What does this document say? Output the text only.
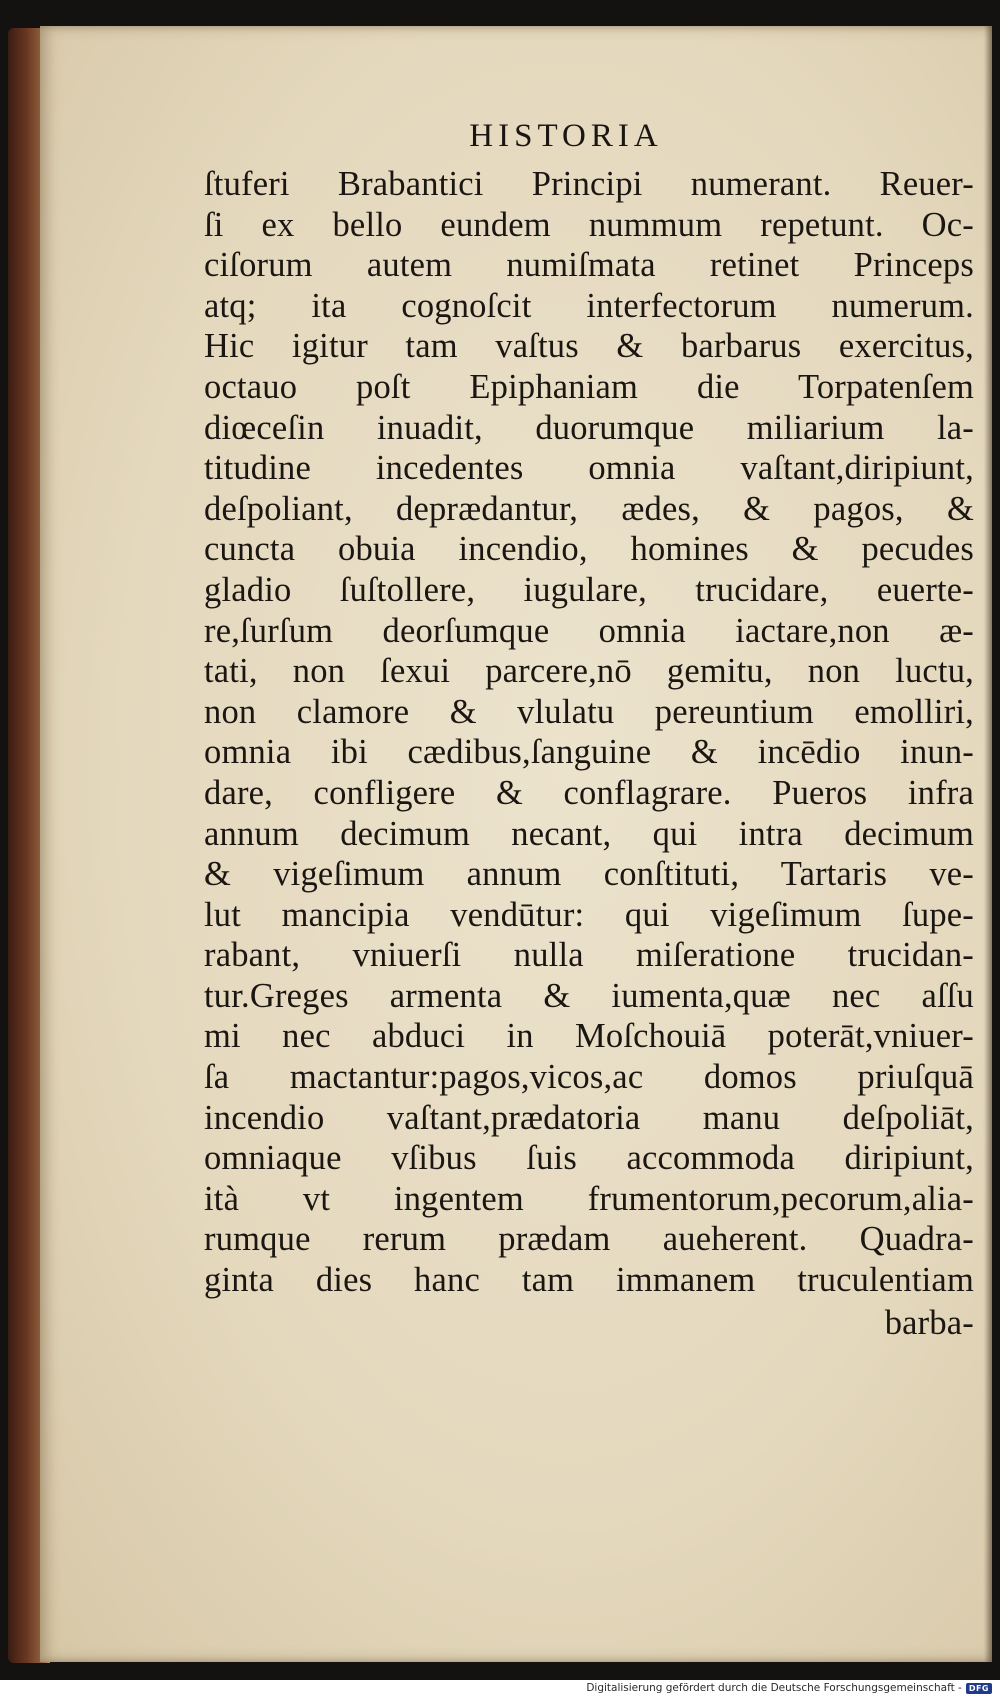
HISTORIA
ſtuferi Brabantici Principi numerant. Reuer-
ſi ex bello eundem nummum repetunt. Oc-
ciſorum autem numiſmata retinet Princeps
atq; ita cognoſcit interfectorum numerum.
Hic igitur tam vaſtus & barbarus exercitus,
octauo poſt Epiphaniam die Torpatenſem
diœceſin inuadit, duorumque miliarium la-
titudine incedentes omnia vaſtant,diripiunt,
deſpoliant, deprædantur, ædes, & pagos, &
cuncta obuia incendio, homines & pecudes
gladio ſuſtollere, iugulare, trucidare, euerte-
re,ſurſum deorſumque omnia iactare,non æ-
tati, non ſexui parcere,nō gemitu, non luctu,
non clamore & vlulatu pereuntium emolliri,
omnia ibi cædibus,ſanguine & incēdio inun-
dare, confligere & conflagrare. Pueros infra
annum decimum necant, qui intra decimum
& vigeſimum annum conſtituti, Tartaris ve-
lut mancipia vendūtur: qui vigeſimum ſupe-
rabant, vniuerſi nulla miſeratione trucidan-
tur.Greges armenta & iumenta,quæ nec aſſu
mi nec abduci in Moſchouiā poterāt,vniuer-
ſa mactantur:pagos,vicos,ac domos priuſquā
incendio vaſtant,prædatoria manu deſpoliāt,
omniaque vſibus ſuis accommoda diripiunt,
ità vt ingentem frumentorum,pecorum,alia-
rumque rerum prædam aueherent. Quadra-
ginta dies hanc tam immanem truculentiam
barba-
Digitalisierung gefördert durch die Deutsche Forschungsgemeinschaft - DFG
